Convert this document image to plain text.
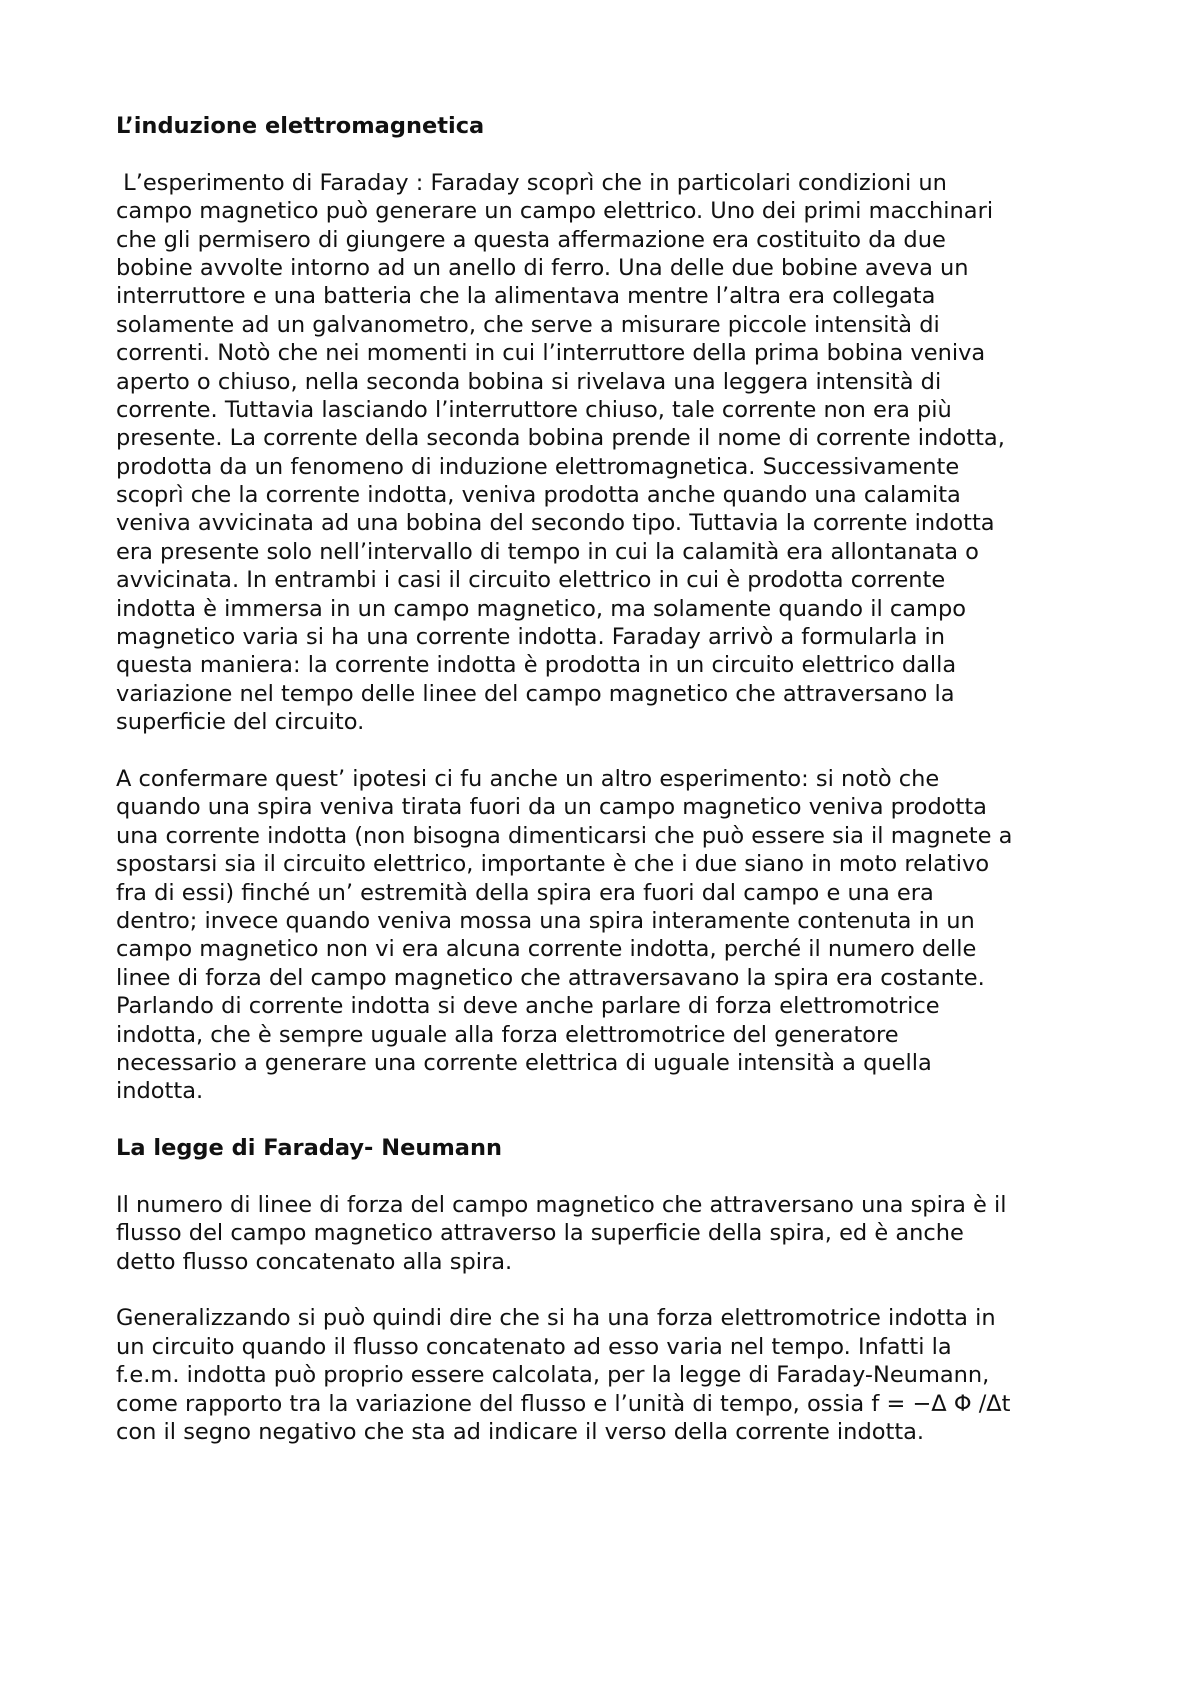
L’induzione elettromagnetica
L’esperimento di Faraday : Faraday scoprì che in particolari condizioni un
campo magnetico può generare un campo elettrico. Uno dei primi macchinari
che gli permisero di giungere a questa affermazione era costituito da due
bobine avvolte intorno ad un anello di ferro. Una delle due bobine aveva un
interruttore e una batteria che la alimentava mentre l’altra era collegata
solamente ad un galvanometro, che serve a misurare piccole intensità di
correnti. Notò che nei momenti in cui l’interruttore della prima bobina veniva
aperto o chiuso, nella seconda bobina si rivelava una leggera intensità di
corrente. Tuttavia lasciando l’interruttore chiuso, tale corrente non era più
presente. La corrente della seconda bobina prende il nome di corrente indotta,
prodotta da un fenomeno di induzione elettromagnetica. Successivamente
scoprì che la corrente indotta, veniva prodotta anche quando una calamita
veniva avvicinata ad una bobina del secondo tipo. Tuttavia la corrente indotta
era presente solo nell’intervallo di tempo in cui la calamità era allontanata o
avvicinata. In entrambi i casi il circuito elettrico in cui è prodotta corrente
indotta è immersa in un campo magnetico, ma solamente quando il campo
magnetico varia si ha una corrente indotta. Faraday arrivò a formularla in
questa maniera: la corrente indotta è prodotta in un circuito elettrico dalla
variazione nel tempo delle linee del campo magnetico che attraversano la
superficie del circuito.
A confermare quest’ ipotesi ci fu anche un altro esperimento: si notò che
quando una spira veniva tirata fuori da un campo magnetico veniva prodotta
una corrente indotta (non bisogna dimenticarsi che può essere sia il magnete a
spostarsi sia il circuito elettrico, importante è che i due siano in moto relativo
fra di essi) finché un’ estremità della spira era fuori dal campo e una era
dentro; invece quando veniva mossa una spira interamente contenuta in un
campo magnetico non vi era alcuna corrente indotta, perché il numero delle
linee di forza del campo magnetico che attraversavano la spira era costante.
Parlando di corrente indotta si deve anche parlare di forza elettromotrice
indotta, che è sempre uguale alla forza elettromotrice del generatore
necessario a generare una corrente elettrica di uguale intensità a quella
indotta.
La legge di Faraday- Neumann
Il numero di linee di forza del campo magnetico che attraversano una spira è il
flusso del campo magnetico attraverso la superficie della spira, ed è anche
detto flusso concatenato alla spira.
Generalizzando si può quindi dire che si ha una forza elettromotrice indotta in
un circuito quando il flusso concatenato ad esso varia nel tempo. Infatti la
f.e.m. indotta può proprio essere calcolata, per la legge di Faraday-Neumann,
come rapporto tra la variazione del flusso e l’unità di tempo, ossia f = −Δ Φ /Δt
con il segno negativo che sta ad indicare il verso della corrente indotta.
